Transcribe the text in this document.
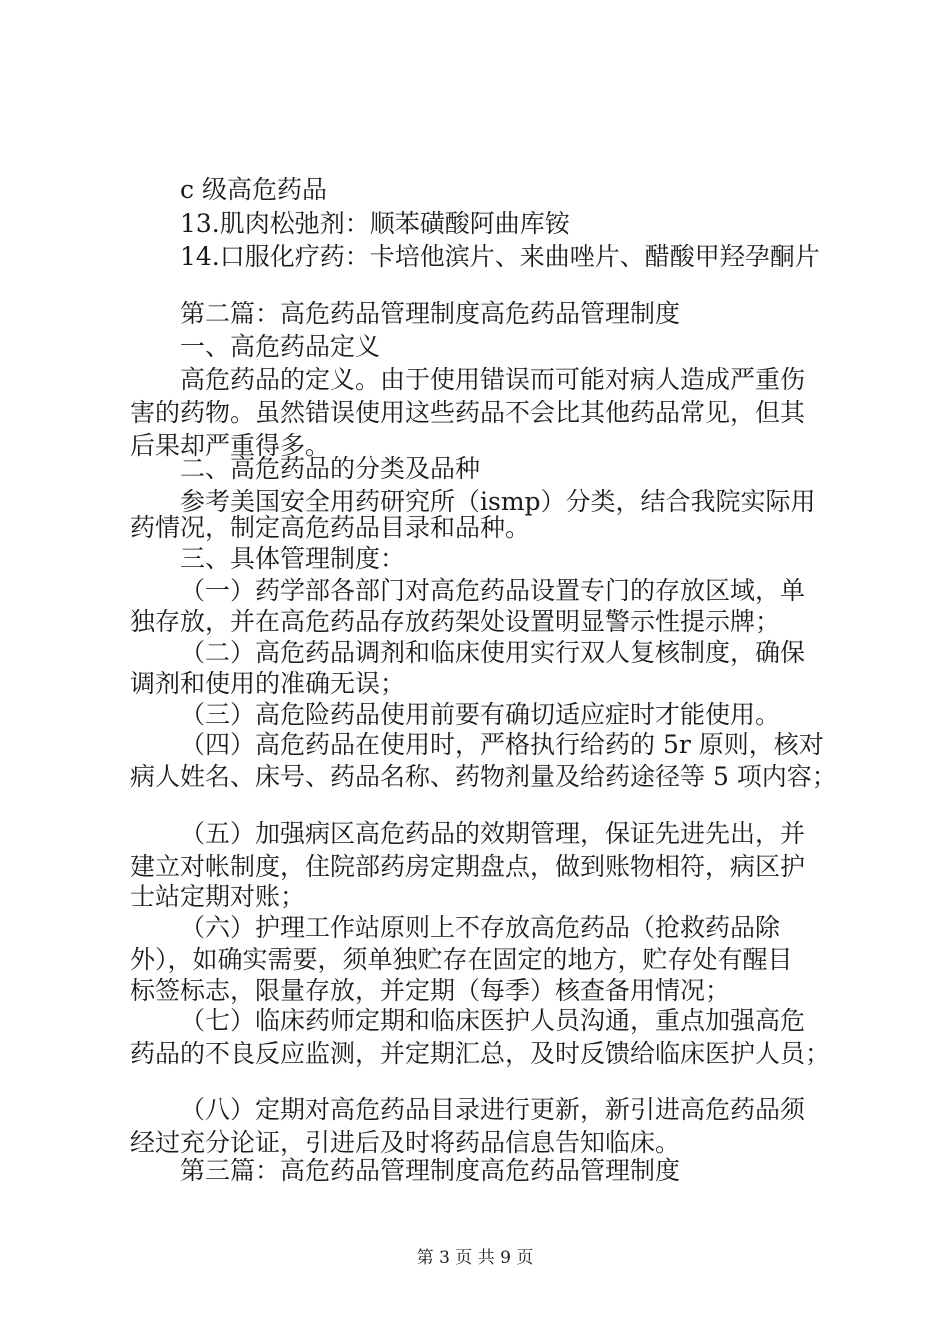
c 级高危药品
13.肌肉松弛剂：顺苯磺酸阿曲库铵
14.口服化疗药：卡培他滨片、来曲唑片、醋酸甲羟孕酮片
第二篇：高危药品管理制度高危药品管理制度
一、高危药品定义
高危药品的定义。由于使用错误而可能对病人造成严重伤
害的药物。虽然错误使用这些药品不会比其他药品常见，但其
后果却严重得多。
二、高危药品的分类及品种
参考美国安全用药研究所（ismp）分类，结合我院实际用
药情况，制定高危药品目录和品种。
三、具体管理制度：
（一）药学部各部门对高危药品设置专门的存放区域，单
独存放，并在高危药品存放药架处设置明显警示性提示牌；
（二）高危药品调剂和临床使用实行双人复核制度，确保
调剂和使用的准确无误；
（三）高危险药品使用前要有确切适应症时才能使用。
（四）高危药品在使用时，严格执行给药的 5r 原则，核对
病人姓名、床号、药品名称、药物剂量及给药途径等 5 项内容；
（五）加强病区高危药品的效期管理，保证先进先出，并
建立对帐制度，住院部药房定期盘点，做到账物相符，病区护
士站定期对账；
（六）护理工作站原则上不存放高危药品（抢救药品除
外），如确实需要，须单独贮存在固定的地方，贮存处有醒目
标签标志，限量存放，并定期（每季）核查备用情况；
（七）临床药师定期和临床医护人员沟通，重点加强高危
药品的不良反应监测，并定期汇总，及时反馈给临床医护人员；
（八）定期对高危药品目录进行更新，新引进高危药品须
经过充分论证，引进后及时将药品信息告知临床。
第三篇：高危药品管理制度高危药品管理制度
第 3 页 共 9 页
